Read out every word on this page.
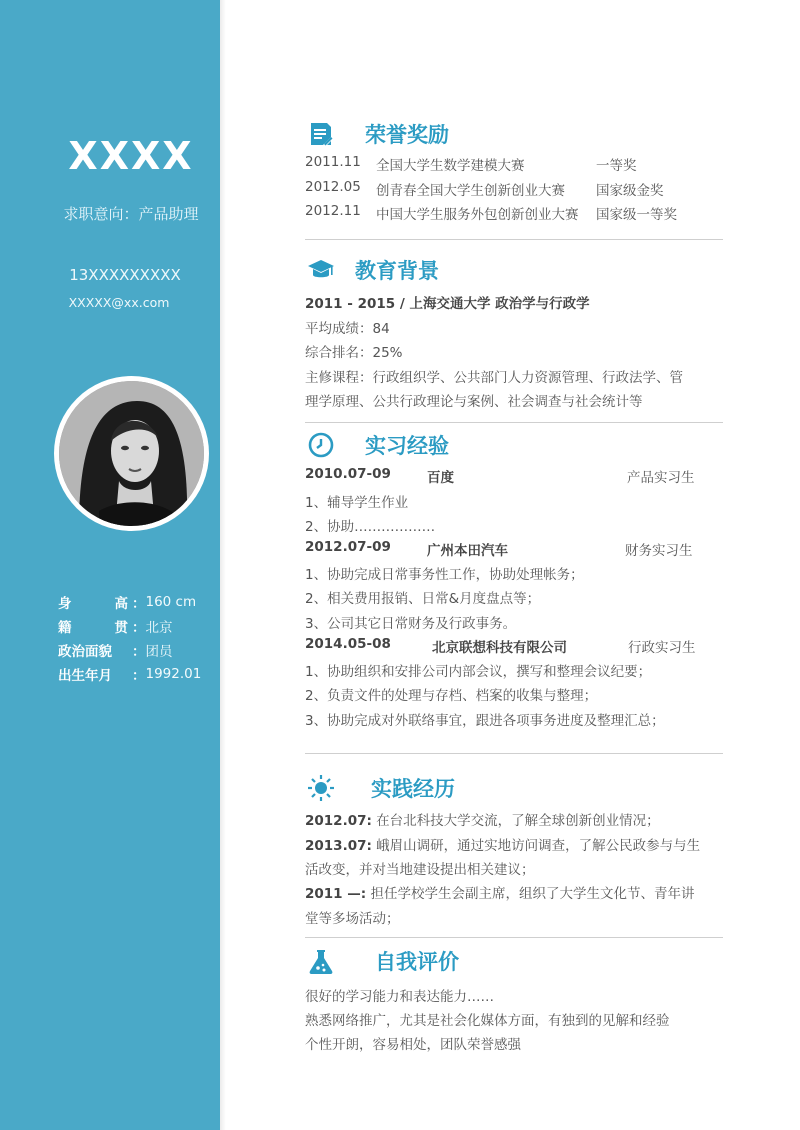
XXXX
求职意向：产品助理
13XXXXXXXXX
XXXXX@xx.com
身	高 ： 160 cm
籍	贯 ： 北京
政 治 面 貌 ： 团员
出 生 年 月 ： 1992.01
荣誉奖励
2011.11 全国大学生数学建模大赛	一等奖
2012.05 创青春全国大学生创新创业大赛 国家级金奖
2012.11 中国大学生服务外包创新创业大赛 国家级一等奖
教育背景
2011 - 2015 / 上海交通大学 政治学与行政学
平均成绩：84
综合排名：25%
主修课程：行政组织学、公共部门人力资源管理、行政法学、管
理学原理、公共行政理论与案例、社会调查与社会统计等
实习经验
2010.07-09	百度	产品实习生
1、辅导学生作业
2、协助………………
2012.07-09	广州本田汽车	财务实习生
1、协助完成日常事务性工作，协助处理帐务；
2、相关费用报销、日常&月度盘点等；
3、公司其它日常财务及行政事务。
2014.05-08	北京联想科技有限公司	行政实习生
1、协助组织和安排公司内部会议，撰写和整理会议纪要；
2、负责文件的处理与存档、档案的收集与整理；
3、协助完成对外联络事宜，跟进各项事务进度及整理汇总；
实践经历
2012.07: 在台北科技大学交流，了解全球创新创业情况；
2013.07: 峨眉山调研，通过实地访问调查，了解公民政参与与生
活改变，并对当地建设提出相关建议；
2011 —: 担任学校学生会副主席，组织了大学生文化节、青年讲
堂等多场活动；
自我评价
很好的学习能力和表达能力……
熟悉网络推广，尤其是社会化媒体方面，有独到的见解和经验
个性开朗，容易相处，团队荣誉感强
